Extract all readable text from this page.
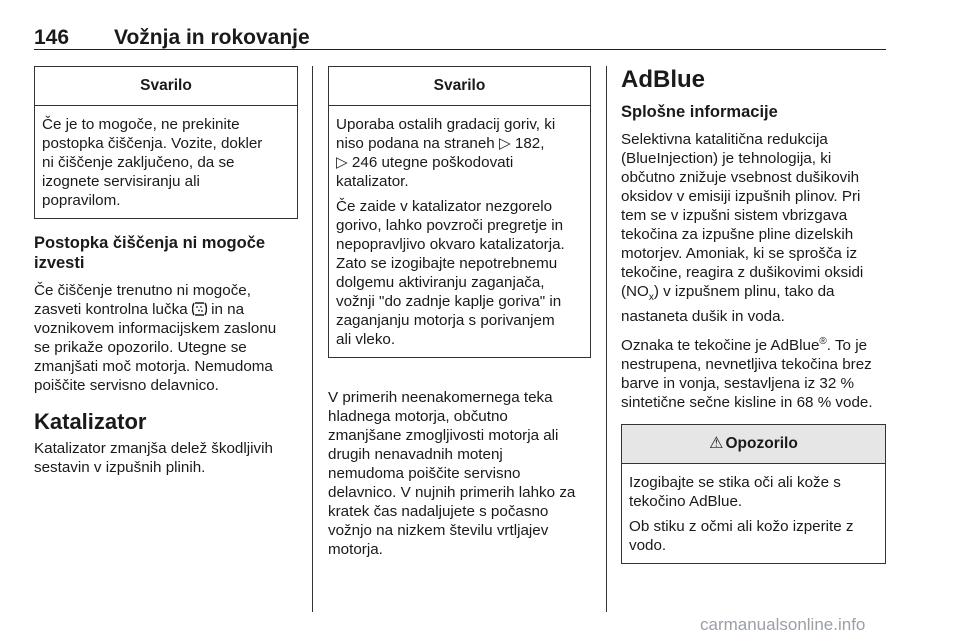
146 Vožnja in rokovanje
Svarilo

Če je to mogoče, ne prekinite
postopka čiščenja. Vozite, dokler
ni čiščenje zaključeno, da se
izognete servisiranju ali
popravilom.

Postopka čiščenja ni mogoče
izvesti

Če čiščenje trenutno ni mogoče,
zasveti kontrolna lučka  in na
voznikovem informacijskem zaslonu
se prikaže opozorilo. Utegne se
zmanjšati moč motorja. Nemudoma
poiščite servisno delavnico.

Katalizator

Katalizator zmanjša delež škodljivih
sestavin v izpušnih plinih.

Svarilo

Uporaba ostalih gradacij goriv, ki
niso podana na straneh ▷ 182,
▷ 246 utegne poškodovati
katalizator.

Če zaide v katalizator nezgorelo
gorivo, lahko povzroči pregretje in
nepopravljivo okvaro katalizatorja.
Zato se izogibajte nepotrebnemu
dolgemu aktiviranju zaganjača,
vožnji "do zadnje kaplje goriva" in
zaganjanju motorja s porivanjem
ali vleko.

V primerih neenakomernega teka
hladnega motorja, občutno
zmanjšane zmogljivosti motorja ali
drugih nenavadnih motenj
nemudoma poiščite servisno
delavnico. V nujnih primerih lahko za
kratek čas nadaljujete s počasno
vožnjo na nizkem številu vrtljajev
motorja.

AdBlue
Splošne informacije

Selektivna katalitična redukcija
(BlueInjection) je tehnologija, ki
občutno znižuje vsebnost dušikovih
oksidov v emisiji izpušnih plinov. Pri
tem se v izpušni sistem vbrizgava
tekočina za izpušne pline dizelskih
motorjev. Amoniak, ki se sprošča iz
tekočine, reagira z dušikovimi oksidi
$(NO_x)$ v izpušnem plinu, tako da
nastaneta dušik in voda.

Oznaka te tekočine je AdBlue®. To je
nestrupena, nevnetljiva tekočina brez
barve in vonja, sestavljena iz 32 %
sintetične sečne kisline in 68 % vode.

⚠ Opozorilo

Izogibajte se stika oči ali kože s
tekočino AdBlue.

Ob stiku z očmi ali kožo izperite z
vodo.

carmanualsonline.info
